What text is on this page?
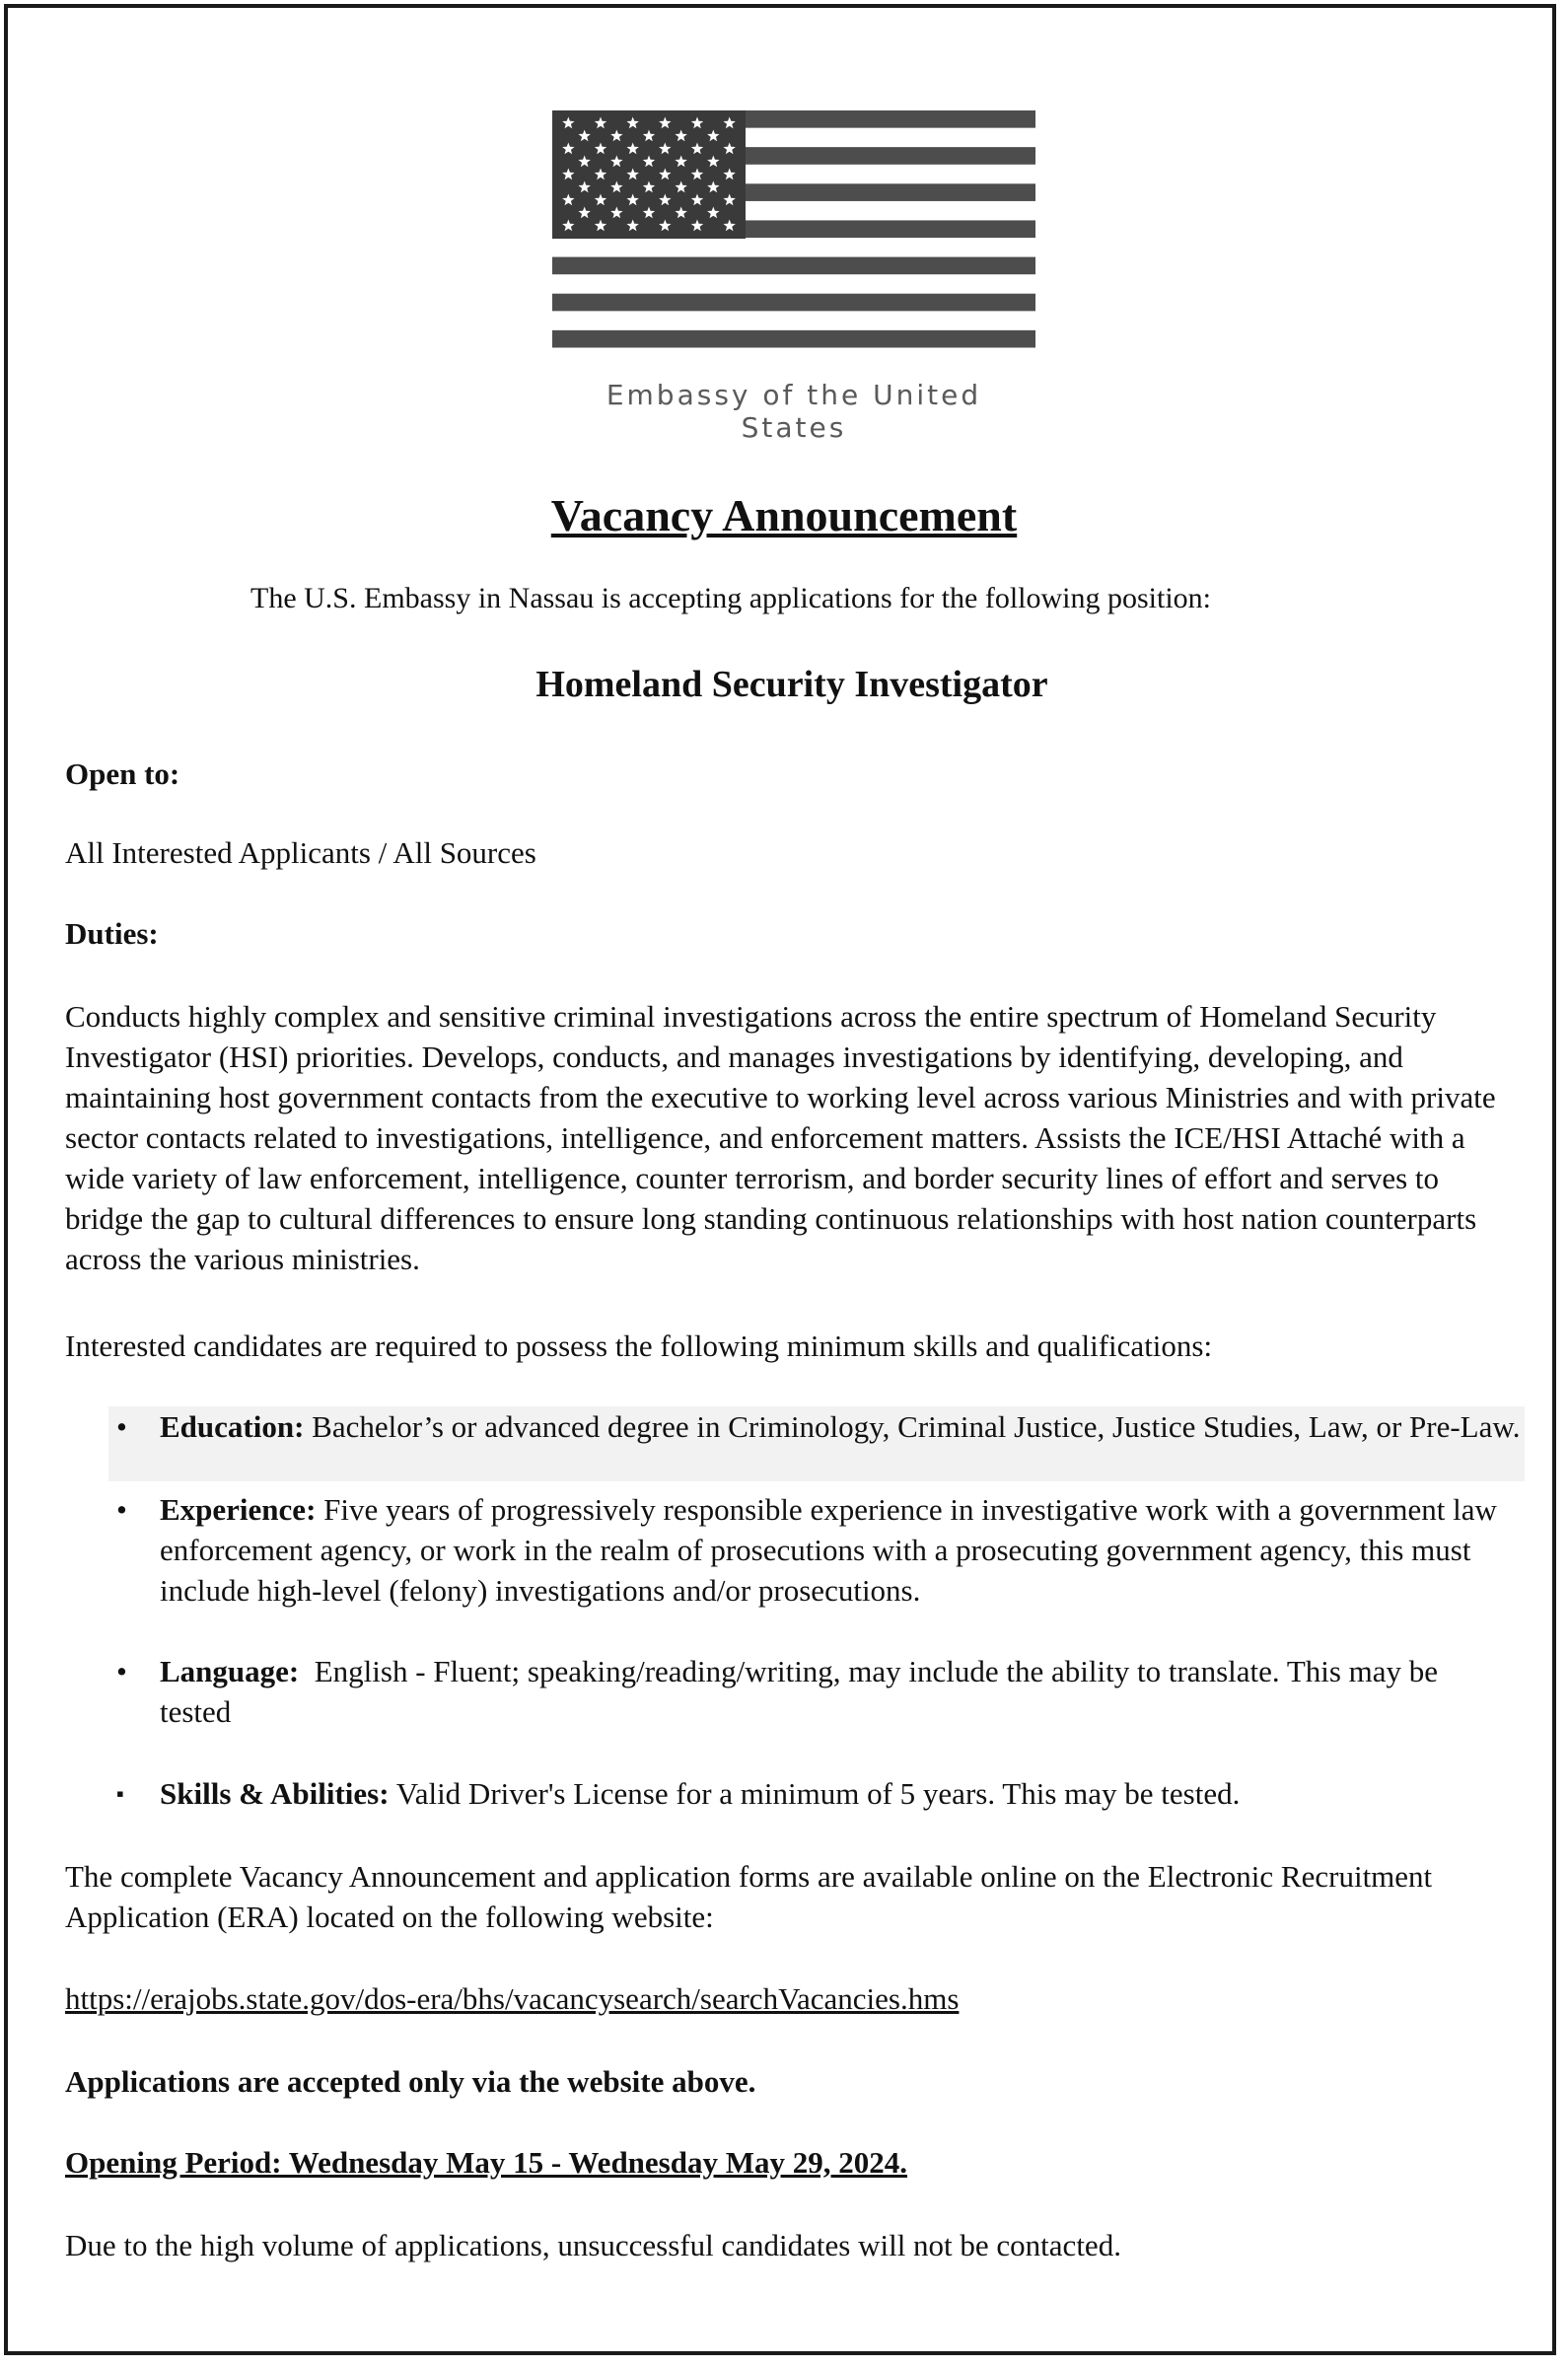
Embassy of the United States
Vacancy Announcement
The U.S. Embassy in Nassau is accepting applications for the following position:
Homeland Security Investigator
Open to:
All Interested Applicants / All Sources
Duties:
Conducts highly complex and sensitive criminal investigations across the entire spectrum of Homeland Security
Investigator (HSI) priorities. Develops, conducts, and manages investigations by identifying, developing, and
maintaining host government contacts from the executive to working level across various Ministries and with private
sector contacts related to investigations, intelligence, and enforcement matters. Assists the ICE/HSI Attaché with a
wide variety of law enforcement, intelligence, counter terrorism, and border security lines of effort and serves to
bridge the gap to cultural differences to ensure long standing continuous relationships with host nation counterparts
across the various ministries.
Interested candidates are required to possess the following minimum skills and qualifications:
• Education: Bachelor’s or advanced degree in Criminology, Criminal Justice, Justice Studies, Law, or Pre-Law.
• Experience: Five years of progressively responsible experience in investigative work with a government law
enforcement agency, or work in the realm of prosecutions with a prosecuting government agency, this must
include high-level (felony) investigations and/or prosecutions.
• Language:  English - Fluent; speaking/reading/writing, may include the ability to translate. This may be
tested
▪	Skills & Abilities: Valid Driver's License for a minimum of 5 years. This may be tested.
The complete Vacancy Announcement and application forms are available online on the Electronic Recruitment
Application (ERA) located on the following website:
https://erajobs.state.gov/dos-era/bhs/vacancysearch/searchVacancies.hms
Applications are accepted only via the website above.
Opening Period: Wednesday May 15 - Wednesday May 29, 2024.
Due to the high volume of applications, unsuccessful candidates will not be contacted.
